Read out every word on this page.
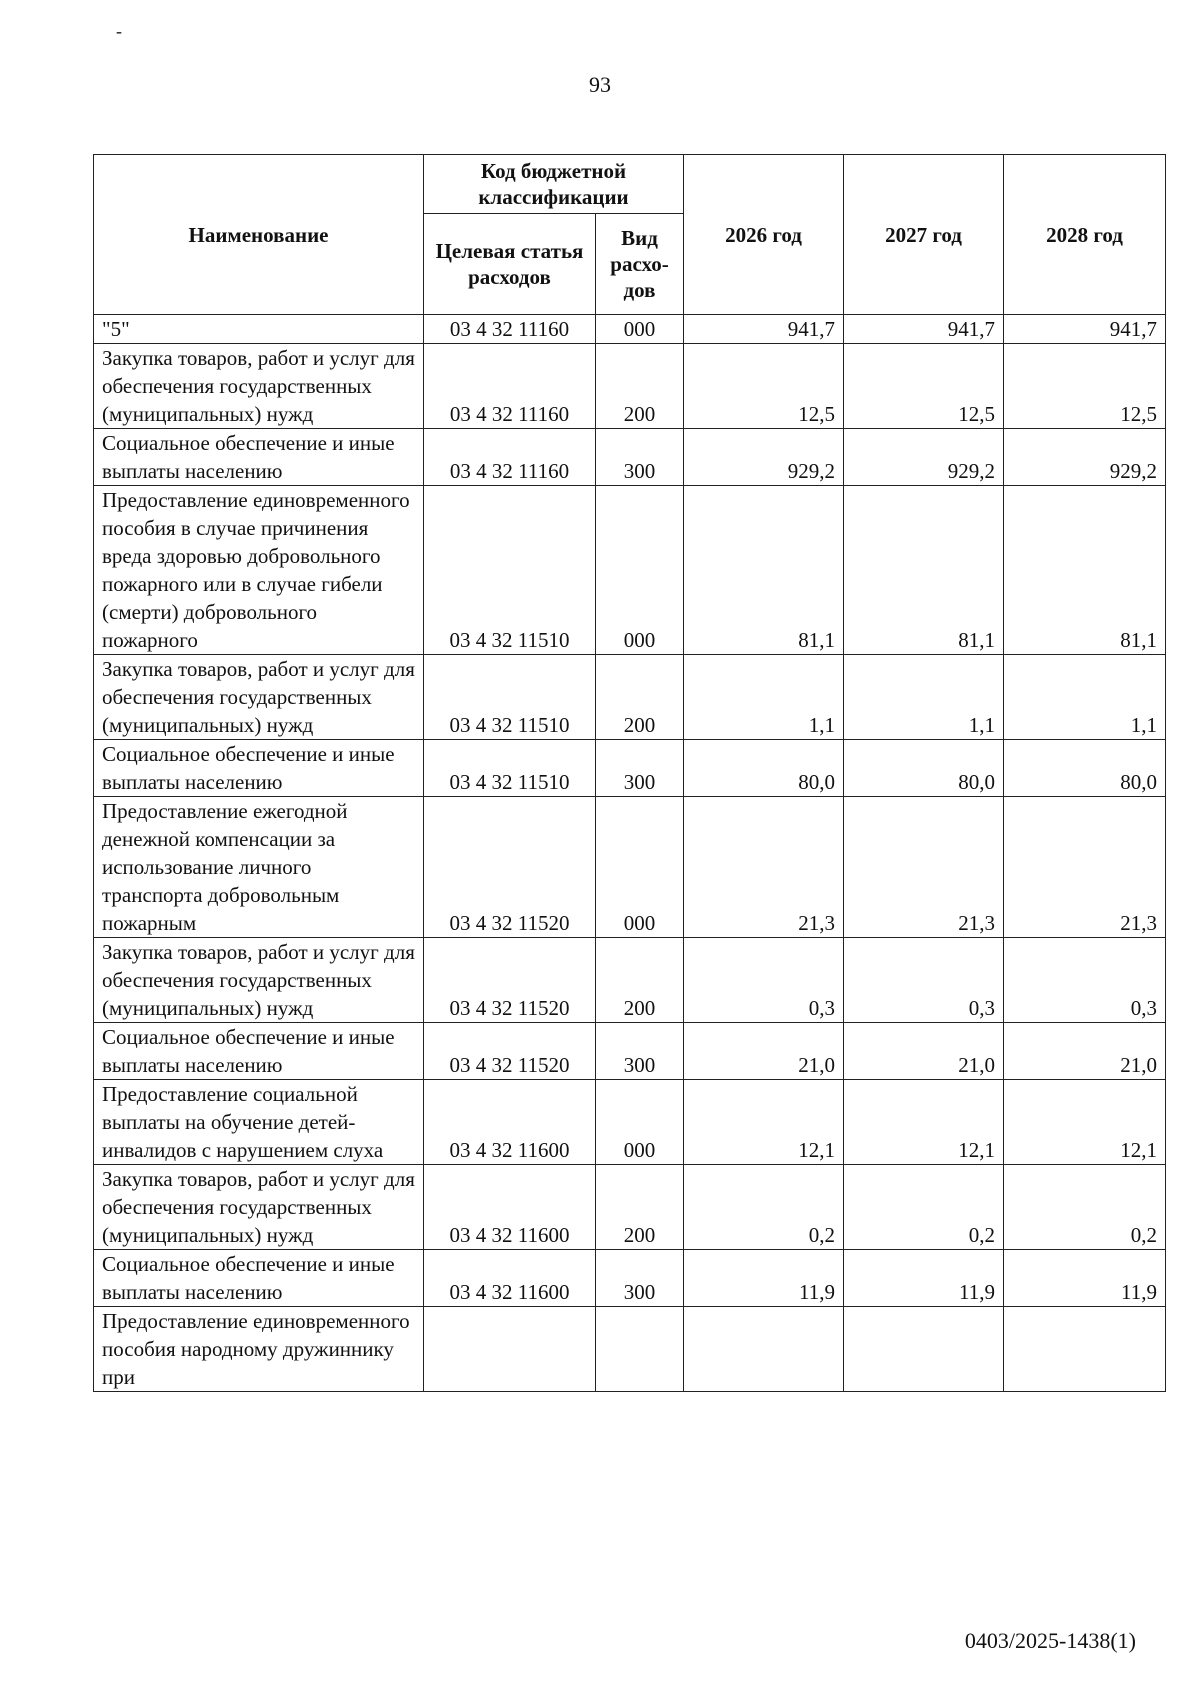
-
93
Наименование	Код бюджетной классификации		2026 год	2027 год	2028 год
	Целевая статья расходов	Вид расхо-дов			
"5"	03 4 32 11160	000	941,7	941,7	941,7
Закупка товаров, работ и услуг для обеспечения государственных (муниципальных) нужд	03 4 32 11160	200	12,5	12,5	12,5
Социальное обеспечение и иные выплаты населению	03 4 32 11160	300	929,2	929,2	929,2
Предоставление единовременного пособия в случае причинения вреда здоровью добровольного пожарного или в случае гибели (смерти) добровольного пожарного	03 4 32 11510	000	81,1	81,1	81,1
Закупка товаров, работ и услуг для обеспечения государственных (муниципальных) нужд	03 4 32 11510	200	1,1	1,1	1,1
Социальное обеспечение и иные выплаты населению	03 4 32 11510	300	80,0	80,0	80,0
Предоставление ежегодной денежной компенсации за использование личного транспорта добровольным пожарным	03 4 32 11520	000	21,3	21,3	21,3
Закупка товаров, работ и услуг для обеспечения государственных (муниципальных) нужд	03 4 32 11520	200	0,3	0,3	0,3
Социальное обеспечение и иные выплаты населению	03 4 32 11520	300	21,0	21,0	21,0
Предоставление социальной выплаты на обучение детей-инвалидов с нарушением слуха	03 4 32 11600	000	12,1	12,1	12,1
Закупка товаров, работ и услуг для обеспечения государственных (муниципальных) нужд	03 4 32 11600	200	0,2	0,2	0,2
Социальное обеспечение и иные выплаты населению	03 4 32 11600	300	11,9	11,9	11,9
Предоставление единовременного пособия народному дружиннику при					
0403/2025-1438(1)
